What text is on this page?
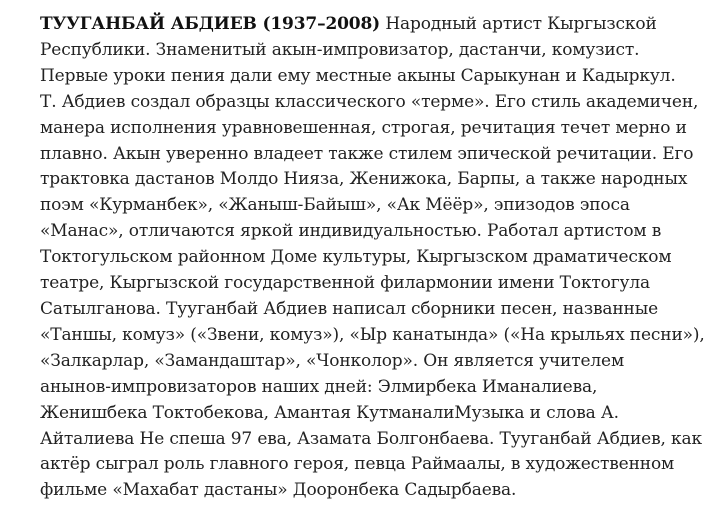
ТУУГАНБАЙ АБДИЕВ (1937–2008) Народный артист Кыргызской
Республики. Знаменитый акын-импровизатор, дастанчи, комузист.
Первые уроки пения дали ему местные акыны Сарыкунан и Кадыркул.
Т. Абдиев создал образцы классического «терме». Его стиль академичен,
манера исполнения уравновешенная, строгая, речитация течет мерно и
плавно. Акын уверенно владеет также стилем эпической речитации. Его
трактовка дастанов Молдо Нияза, Женижока, Барпы, а также народных
поэм «Курманбек», «Жаныш-Байыш», «Ак Мёёр», эпизодов эпоса
«Манас», отличаются яркой индивидуальностью. Работал артистом в
Токтогульском районном Доме культуры, Кыргызском драматическом
театре, Кыргызской государственной филармонии имени Токтогула
Сатылганова. Тууганбай Абдиев написал сборники песен, названные
«Таншы, комуз» («Звени, комуз»), «Ыр канатында» («На крыльях песни»),
«Залкарлар, «Замандаштар», «Чонколор». Он является учителем
анынов-импровизаторов наших дней: Элмирбека Иманалиева,
Женишбека Токтобекова, Амантая КутманалиМузыка и слова А.
Айталиева Не спеша 97 ева, Азамата Болгонбаева. Тууганбай Абдиев, как
актёр сыграл роль главного героя, певца Раймаалы, в художественном
фильме «Махабат дастаны» Дооронбека Садырбаева.
